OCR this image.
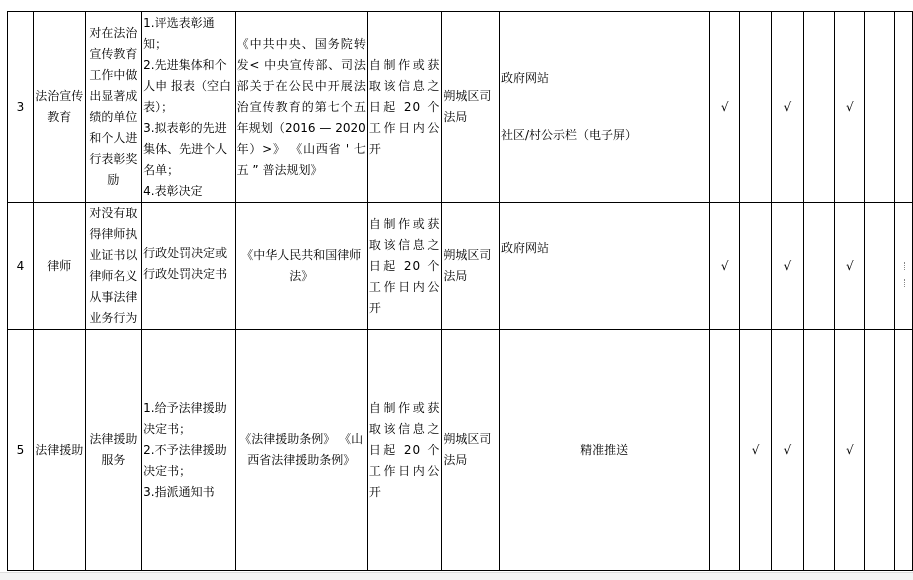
3	法治宣传教育	对在法治宣传教育工作中做出显著成绩的单位和个人进行表彰奖励	1.评选表彰通知；
2.先进集体和个人申 报表（空白表）；
3.拟表彰的先进集体、先进个人名单；
4.表彰决定	《中共中央、国务院转发< 中央宣传部、司法部关于在公民中开展法治宣传教育的第七个五年规划（2016 — 2020 年）>》 《山西省 ' 七五 ” 普法规划》	自制作或获取该信息之日起 20 个工作日内公开	朔城区司法局	政府网站
社区/村公示栏（电子屏）	√		√		√		
4	律师	对没有取得律师执业证书以律师名义从事法律业务行为	行政处罚决定或行政处罚决定书	《中华人民共和国律师法》	自制作或获取该信息之日起 20 个工作日内公开	朔城区司法局	政府网站	√		√		√		
5	法律援助	法律援助服务	1.给予法律援助决定书；
2.不予法律援助决定书；
3.指派通知书	《法律援助条例》 《山西省法律援助条例》	自制作或获取该信息之日起 20 个工作日内公开	朔城区司法局	精准推送		√	√		√		
